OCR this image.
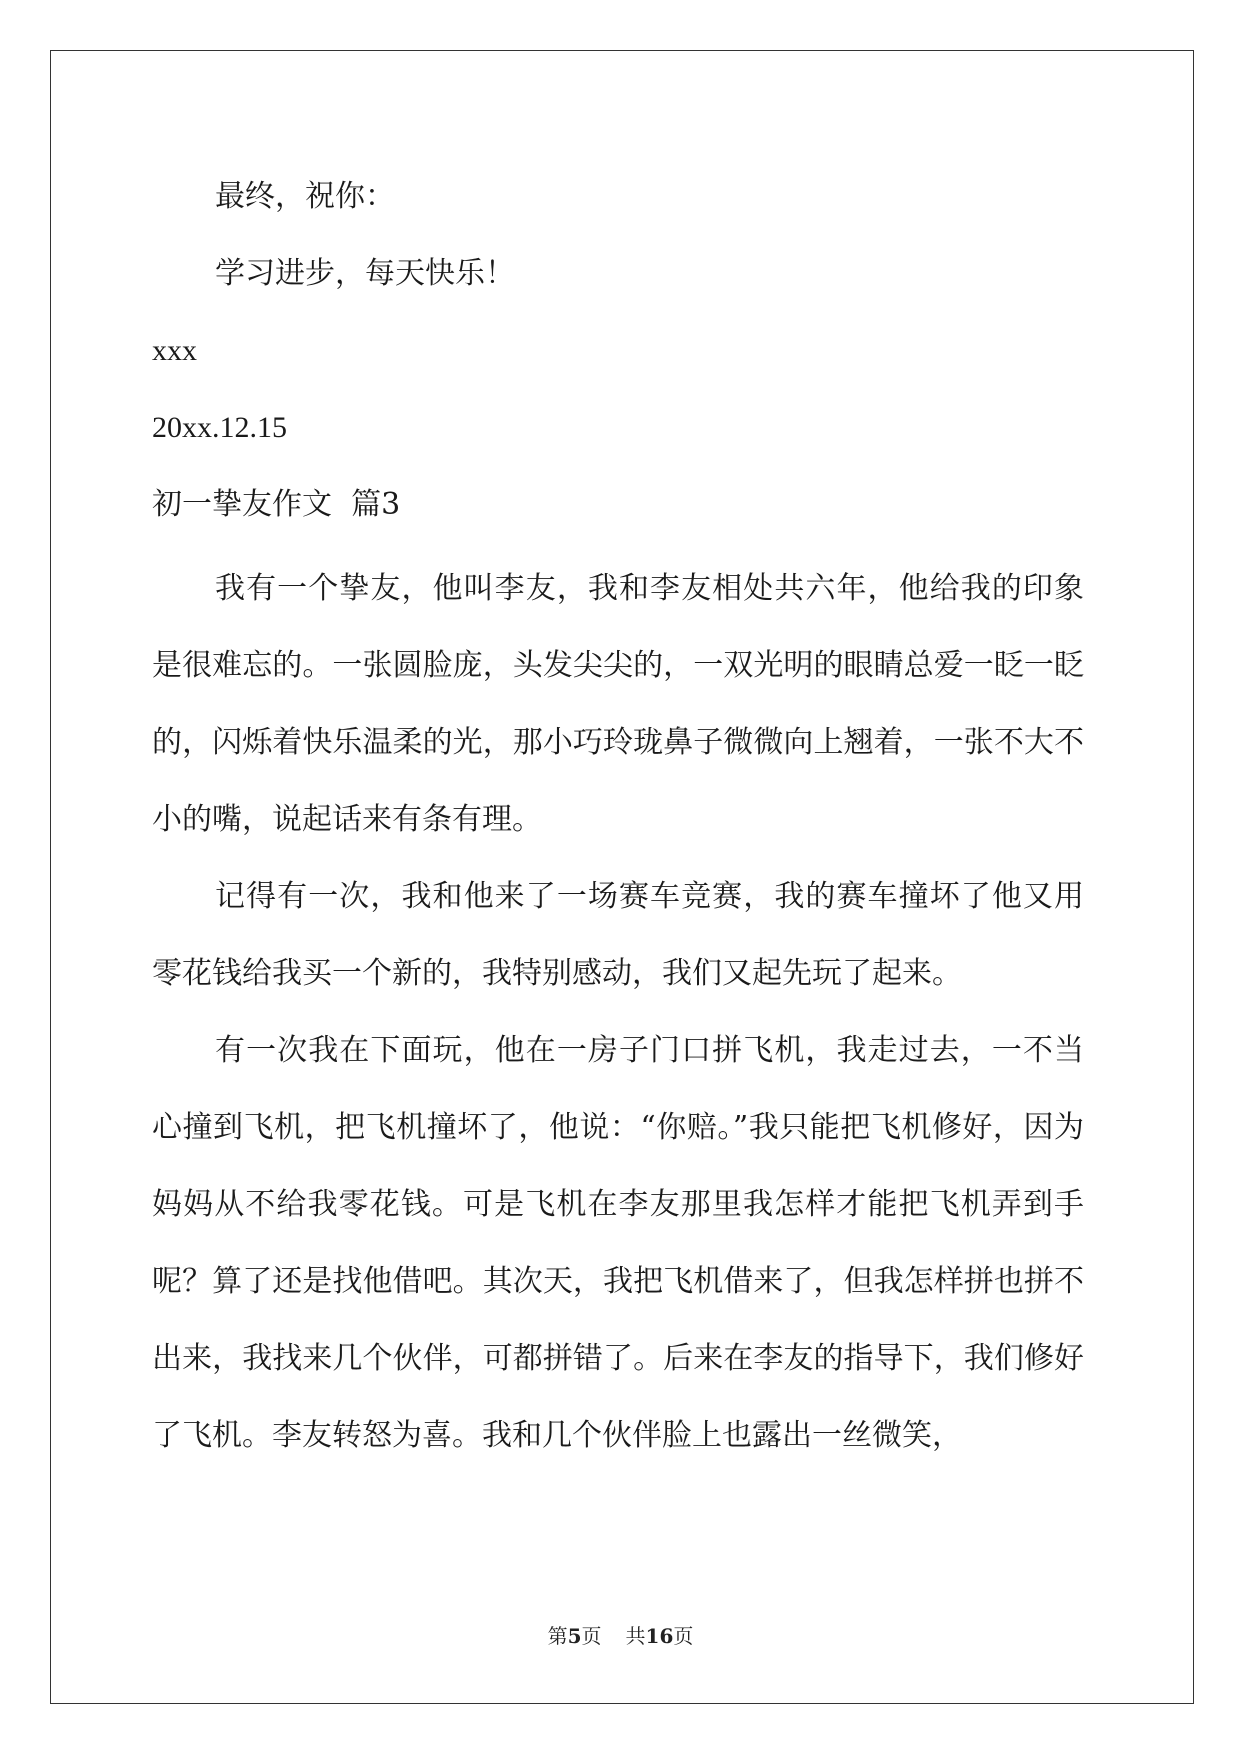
最终，祝你：
学习进步，每天快乐！
xxx
20xx.12.15
初一挚友作文  篇3

我有一个挚友，他叫李友，我和李友相处共六年，他给我的印象是很难忘的。一张圆脸庞，头发尖尖的，一双光明的眼睛总爱一眨一眨的，闪烁着快乐温柔的光，那小巧玲珑鼻子微微向上翘着，一张不大不小的嘴，说起话来有条有理。

记得有一次，我和他来了一场赛车竞赛，我的赛车撞坏了他又用零花钱给我买一个新的，我特别感动，我们又起先玩了起来。

有一次我在下面玩，他在一房子门口拼飞机，我走过去，一不当心撞到飞机，把飞机撞坏了，他说：“你赔。”我只能把飞机修好，因为妈妈从不给我零花钱。可是飞机在李友那里我怎样才能把飞机弄到手呢？算了还是找他借吧。其次天，我把飞机借来了，但我怎样拼也拼不出来，我找来几个伙伴，可都拼错了。后来在李友的指导下，我们修好了飞机。李友转怒为喜。我和几个伙伴脸上也露出一丝微笑，

第5页 共16页
